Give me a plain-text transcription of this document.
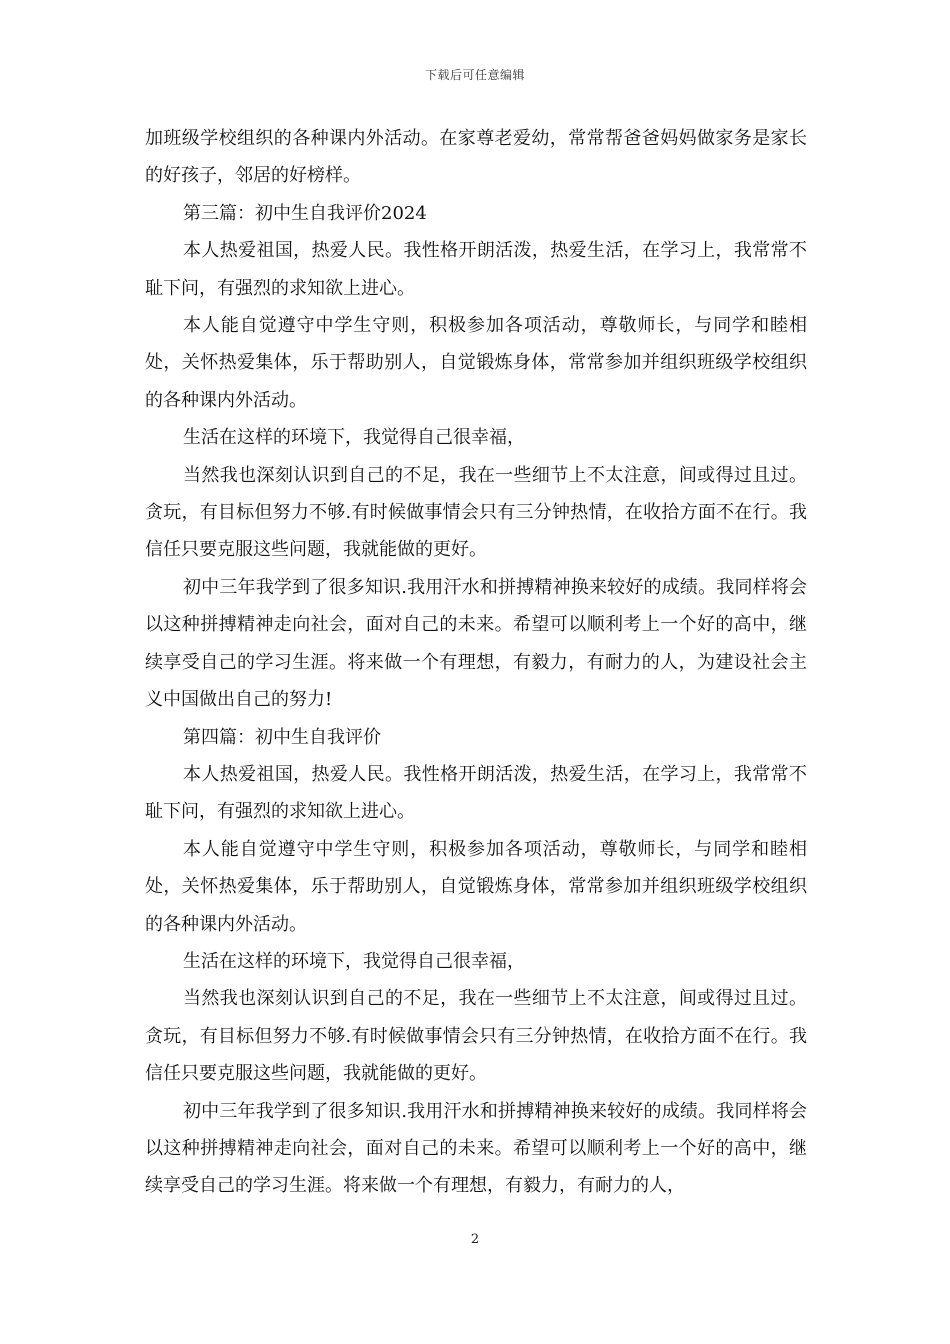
下载后可任意编辑

加班级学校组织的各种课内外活动。在家尊老爱幼，常常帮爸爸妈妈做家务是家长的好孩子，邻居的好榜样。

第三篇：初中生自我评价2024

本人热爱祖国，热爱人民。我性格开朗活泼，热爱生活，在学习上，我常常不耻下问，有强烈的求知欲上进心。

本人能自觉遵守中学生守则，积极参加各项活动，尊敬师长，与同学和睦相处，关怀热爱集体，乐于帮助别人，自觉锻炼身体，常常参加并组织班级学校组织的各种课内外活动。

生活在这样的环境下，我觉得自己很幸福，

当然我也深刻认识到自己的不足，我在一些细节上不太注意，间或得过且过。贪玩，有目标但努力不够.有时候做事情会只有三分钟热情，在收拾方面不在行。我信任只要克服这些问题，我就能做的更好。

初中三年我学到了很多知识.我用汗水和拼搏精神换来较好的成绩。我同样将会以这种拼搏精神走向社会，面对自己的未来。希望可以顺利考上一个好的高中，继续享受自己的学习生涯。将来做一个有理想，有毅力，有耐力的人，为建设社会主义中国做出自己的努力!

第四篇：初中生自我评价

本人热爱祖国，热爱人民。我性格开朗活泼，热爱生活，在学习上，我常常不耻下问，有强烈的求知欲上进心。

本人能自觉遵守中学生守则，积极参加各项活动，尊敬师长，与同学和睦相处，关怀热爱集体，乐于帮助别人，自觉锻炼身体，常常参加并组织班级学校组织的各种课内外活动。

生活在这样的环境下，我觉得自己很幸福，

当然我也深刻认识到自己的不足，我在一些细节上不太注意，间或得过且过。贪玩，有目标但努力不够.有时候做事情会只有三分钟热情，在收拾方面不在行。我信任只要克服这些问题，我就能做的更好。

初中三年我学到了很多知识.我用汗水和拼搏精神换来较好的成绩。我同样将会以这种拼搏精神走向社会，面对自己的未来。希望可以顺利考上一个好的高中，继续享受自己的学习生涯。将来做一个有理想，有毅力，有耐力的人，

2
